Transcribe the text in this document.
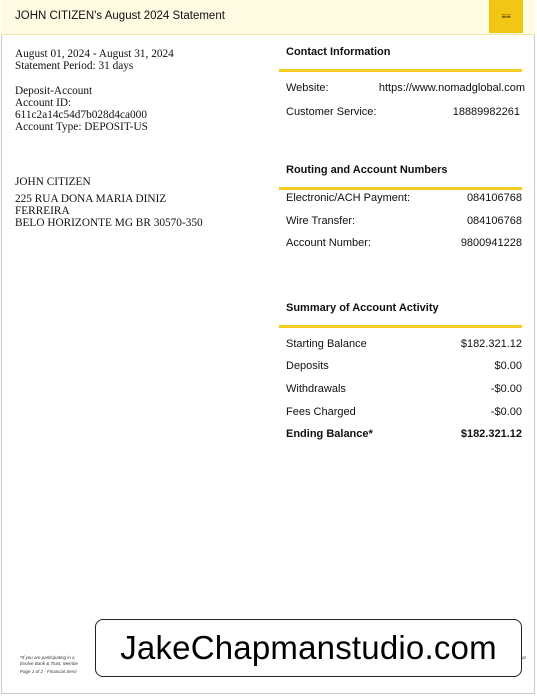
JOHN CITIZEN's August 2024 Statement	≡≡
August 01, 2024 - August 31, 2024
Statement Period: 31 days
Deposit-Account
Account ID:
611c2a14c54d7b028d4ca000
Account Type: DEPOSIT-US
JOHN CITIZEN
225 RUA DONA MARIA DINIZ
FERREIRA
BELO HORIZONTE MG BR 30570-350
Contact Information
Website:	https://www.nomadglobal.com
Customer Service:	18889982261
Routing and Account Numbers
Electronic/ACH Payment:	084106768
Wire Transfer:	084106768
Account Number:	9800941228
Summary of Account Activity
Starting Balance	$182.321.12
Deposits	$0.00
Withdrawals	-$0.00
Fees Charged	-$0.00
Ending Balance*	$182.321.12
*If you are participating in a
Evolve Bank & Trust, Membe
Page 1 of 2 - Financial Servi
at
JakeChapmanstudio.com
